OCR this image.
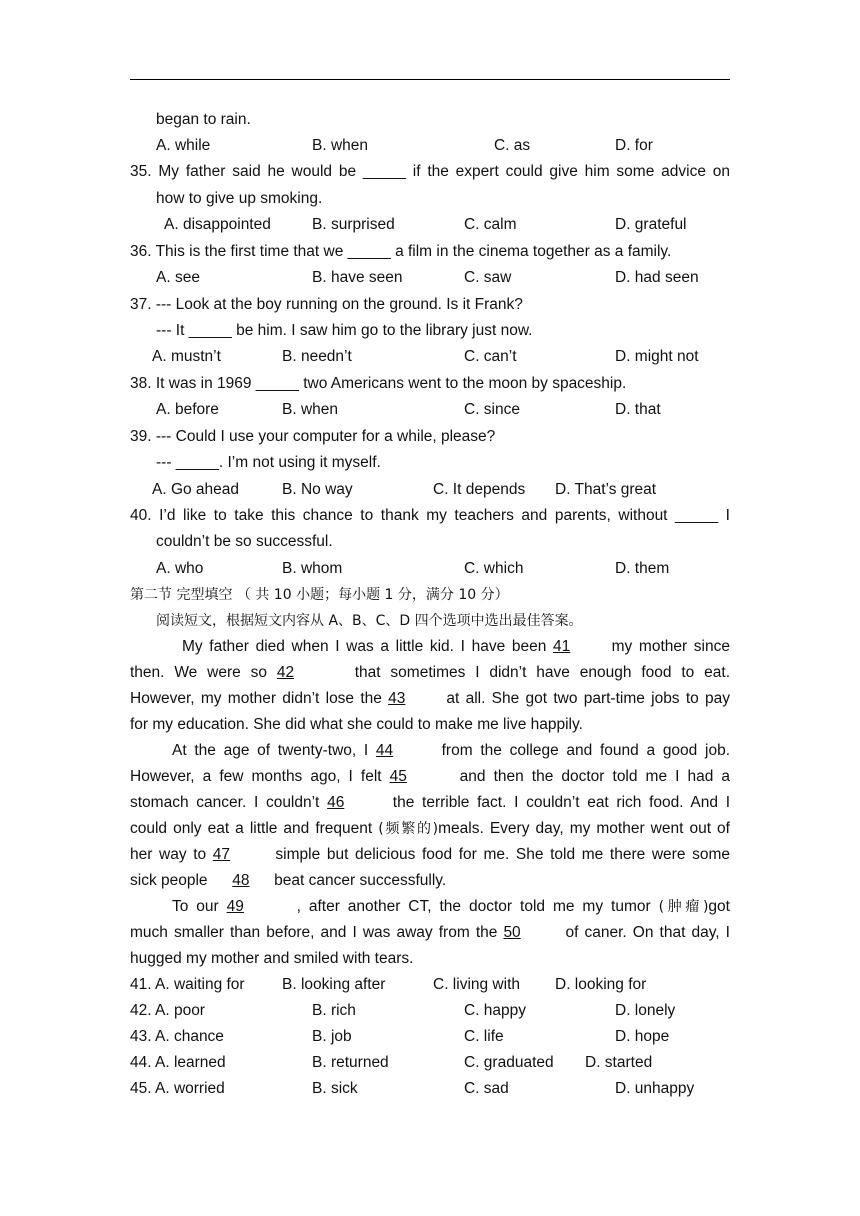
began to rain.
A. while	B. when	C. as	D. for
35. My father said he would be _____ if the expert could give him some advice on
how to give up smoking.
A. disappointed	B. surprised	C. calm	D. grateful
36. This is the first time that we _____ a film in the cinema together as a family.
A. see	B. have seen	C. saw	D. had seen
37. --- Look at the boy running on the ground. Is it Frank?
--- It _____ be him. I saw him go to the library just now.
A. mustn’t	B. needn’t	C. can’t	D. might not
38. It was in 1969 _____ two Americans went to the moon by spaceship.
A. before	B. when	C. since	D. that
39. --- Could I use your computer for a while, please?
--- _____. I’m not using it myself.
A. Go ahead	B. No way	C. It depends D. That’s great
40. I’d like to take this chance to thank my teachers and parents, without _____ I
couldn’t be so successful.
A. who	B. whom	C. which	D. them
第二节 完型填空 （ 共 10 小题；每小题 1 分，满分 10 分）
阅读短文，根据短文内容从 A、B、C、D 四个选项中选出最佳答案。
My father died when I was a little kid. I have been 41 my mother since
then. We were so 42	that sometimes I didn’t have enough food to eat.
However, my mother didn’t lose the 43 at all. She got two part-time jobs to pay
for my education. She did what she could to make me live happily.
At the age of twenty-two, I 44	from the college and found a good job.
However, a few months ago, I felt 45	and then the doctor told me I had a
stomach cancer. I couldn’t 46	the terrible fact. I couldn’t eat rich food. And I
could only eat a little and frequent (频繁的)meals. Every day, my mother went out of
her way to 47	simple but delicious food for me. She told me there were some
sick people 48 beat cancer successfully.
To our 49	, after another CT, the doctor told me my tumor (肿瘤)got
much smaller than before, and I was away from the 50	of caner. On that day, I
hugged my mother and smiled with tears.
41. A. waiting for B. looking after	C. living with D. looking for
42. A. poor	B. rich	C. happy	D. lonely
43. A. chance	B. job	C. life	D. hope
44. A. learned	B. returned	C. graduated D. started
45. A. worried	B. sick	C. sad	D. unhappy
